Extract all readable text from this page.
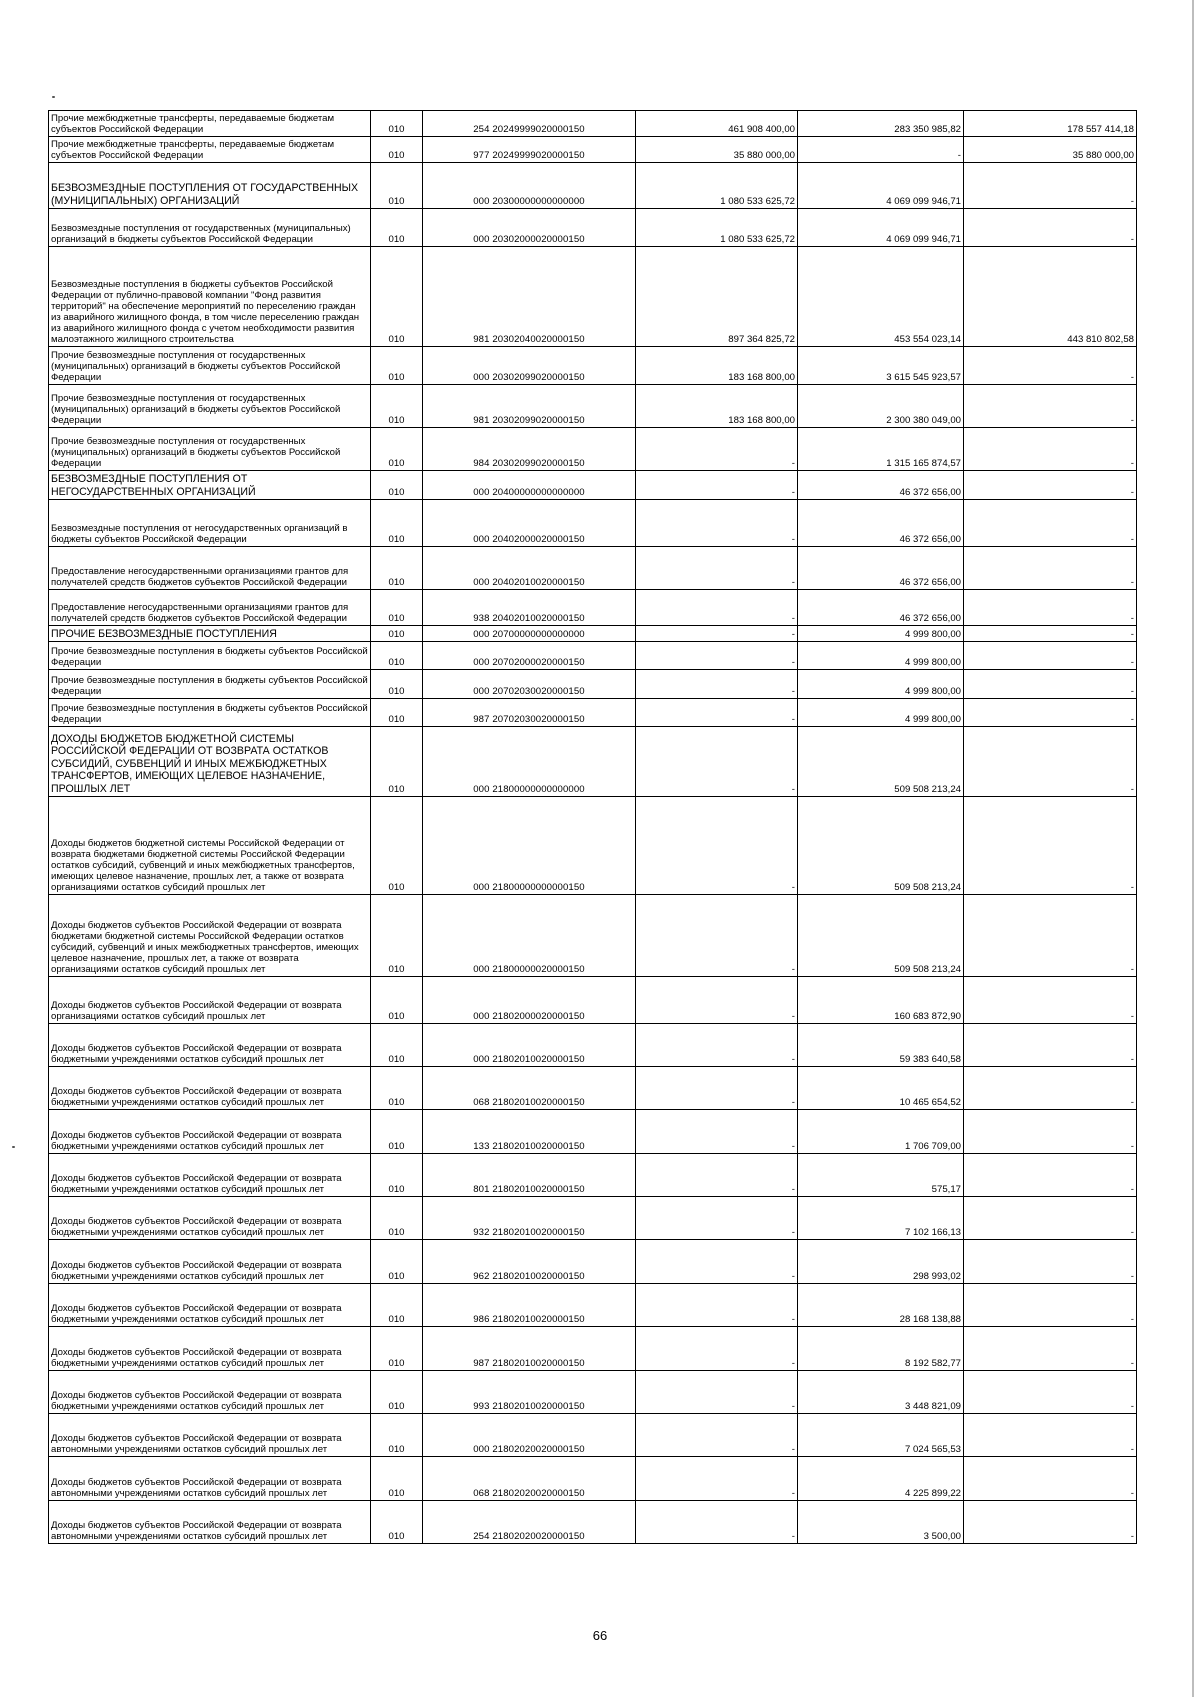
Прочие межбюджетные трансферты, передаваемые бюджетам субъектов Российской Федерации	010	254 20249999020000150	461 908 400,00	283 350 985,82	178 557 414,18
Прочие межбюджетные трансферты, передаваемые бюджетам субъектов Российской Федерации	010	977 20249999020000150	35 880 000,00	-	35 880 000,00
БЕЗВОЗМЕЗДНЫЕ ПОСТУПЛЕНИЯ ОТ ГОСУДАРСТВЕННЫХ (МУНИЦИПАЛЬНЫХ) ОРГАНИЗАЦИЙ	010	000 20300000000000000	1 080 533 625,72	4 069 099 946,71	-
Безвозмездные поступления от государственных (муниципальных) организаций в бюджеты субъектов Российской Федерации	010	000 20302000020000150	1 080 533 625,72	4 069 099 946,71	-
Безвозмездные поступления в бюджеты субъектов Российской Федерации от публично-правовой компании "Фонд развития территорий" на обеспечение мероприятий по переселению граждан из аварийного жилищного фонда, в том числе переселению граждан из аварийного жилищного фонда с учетом необходимости развития малоэтажного жилищного строительства	010	981 20302040020000150	897 364 825,72	453 554 023,14	443 810 802,58
Прочие безвозмездные поступления от государственных (муниципальных) организаций в бюджеты субъектов Российской Федерации	010	000 20302099020000150	183 168 800,00	3 615 545 923,57	-
Прочие безвозмездные поступления от государственных (муниципальных) организаций в бюджеты субъектов Российской Федерации	010	981 20302099020000150	183 168 800,00	2 300 380 049,00	-
Прочие безвозмездные поступления от государственных (муниципальных) организаций в бюджеты субъектов Российской Федерации	010	984 20302099020000150	-	1 315 165 874,57	-
БЕЗВОЗМЕЗДНЫЕ ПОСТУПЛЕНИЯ ОТ НЕГОСУДАРСТВЕННЫХ ОРГАНИЗАЦИЙ	010	000 20400000000000000	-	46 372 656,00	-
Безвозмездные поступления от негосударственных организаций в бюджеты субъектов Российской Федерации	010	000 20402000020000150	-	46 372 656,00	-
Предоставление негосударственными организациями грантов для получателей средств бюджетов субъектов Российской Федерации	010	000 20402010020000150	-	46 372 656,00	-
Предоставление негосударственными организациями грантов для получателей средств бюджетов субъектов Российской Федерации	010	938 20402010020000150	-	46 372 656,00	-
ПРОЧИЕ БЕЗВОЗМЕЗДНЫЕ ПОСТУПЛЕНИЯ	010	000 20700000000000000	-	4 999 800,00	-
Прочие безвозмездные поступления в бюджеты субъектов Российской Федерации	010	000 20702000020000150	-	4 999 800,00	-
Прочие безвозмездные поступления в бюджеты субъектов Российской Федерации	010	000 20702030020000150	-	4 999 800,00	-
Прочие безвозмездные поступления в бюджеты субъектов Российской Федерации	010	987 20702030020000150	-	4 999 800,00	-
ДОХОДЫ БЮДЖЕТОВ БЮДЖЕТНОЙ СИСТЕМЫ РОССИЙСКОЙ ФЕДЕРАЦИИ ОТ ВОЗВРАТА ОСТАТКОВ СУБСИДИЙ, СУБВЕНЦИЙ И ИНЫХ МЕЖБЮДЖЕТНЫХ ТРАНСФЕРТОВ, ИМЕЮЩИХ ЦЕЛЕВОЕ НАЗНАЧЕНИЕ, ПРОШЛЫХ ЛЕТ	010	000 21800000000000000	-	509 508 213,24	-
Доходы бюджетов бюджетной системы Российской Федерации от возврата бюджетами бюджетной системы Российской Федерации остатков субсидий, субвенций и иных межбюджетных трансфертов, имеющих целевое назначение, прошлых лет, а также от возврата организациями остатков субсидий прошлых лет	010	000 21800000000000150	-	509 508 213,24	-
Доходы бюджетов субъектов Российской Федерации от возврата бюджетами бюджетной системы Российской Федерации остатков субсидий, субвенций и иных межбюджетных трансфертов, имеющих целевое назначение, прошлых лет, а также от возврата организациями остатков субсидий прошлых лет	010	000 21800000020000150	-	509 508 213,24	-
Доходы бюджетов субъектов Российской Федерации от возврата организациями остатков субсидий прошлых лет	010	000 21802000020000150	-	160 683 872,90	-
Доходы бюджетов субъектов Российской Федерации от возврата бюджетными учреждениями остатков субсидий прошлых лет	010	000 21802010020000150	-	59 383 640,58	-
Доходы бюджетов субъектов Российской Федерации от возврата бюджетными учреждениями остатков субсидий прошлых лет	010	068 21802010020000150	-	10 465 654,52	-
Доходы бюджетов субъектов Российской Федерации от возврата бюджетными учреждениями остатков субсидий прошлых лет	010	133 21802010020000150	-	1 706 709,00	-
Доходы бюджетов субъектов Российской Федерации от возврата бюджетными учреждениями остатков субсидий прошлых лет	010	801 21802010020000150	-	575,17	-
Доходы бюджетов субъектов Российской Федерации от возврата бюджетными учреждениями остатков субсидий прошлых лет	010	932 21802010020000150	-	7 102 166,13	-
Доходы бюджетов субъектов Российской Федерации от возврата бюджетными учреждениями остатков субсидий прошлых лет	010	962 21802010020000150	-	298 993,02	-
Доходы бюджетов субъектов Российской Федерации от возврата бюджетными учреждениями остатков субсидий прошлых лет	010	986 21802010020000150	-	28 168 138,88	-
Доходы бюджетов субъектов Российской Федерации от возврата бюджетными учреждениями остатков субсидий прошлых лет	010	987 21802010020000150	-	8 192 582,77	-
Доходы бюджетов субъектов Российской Федерации от возврата бюджетными учреждениями остатков субсидий прошлых лет	010	993 21802010020000150	-	3 448 821,09	-
Доходы бюджетов субъектов Российской Федерации от возврата автономными учреждениями остатков субсидий прошлых лет	010	000 21802020020000150	-	7 024 565,53	-
Доходы бюджетов субъектов Российской Федерации от возврата автономными учреждениями остатков субсидий прошлых лет	010	068 21802020020000150	-	4 225 899,22	-
Доходы бюджетов субъектов Российской Федерации от возврата автономными учреждениями остатков субсидий прошлых лет	010	254 21802020020000150	-	3 500,00	-
66
